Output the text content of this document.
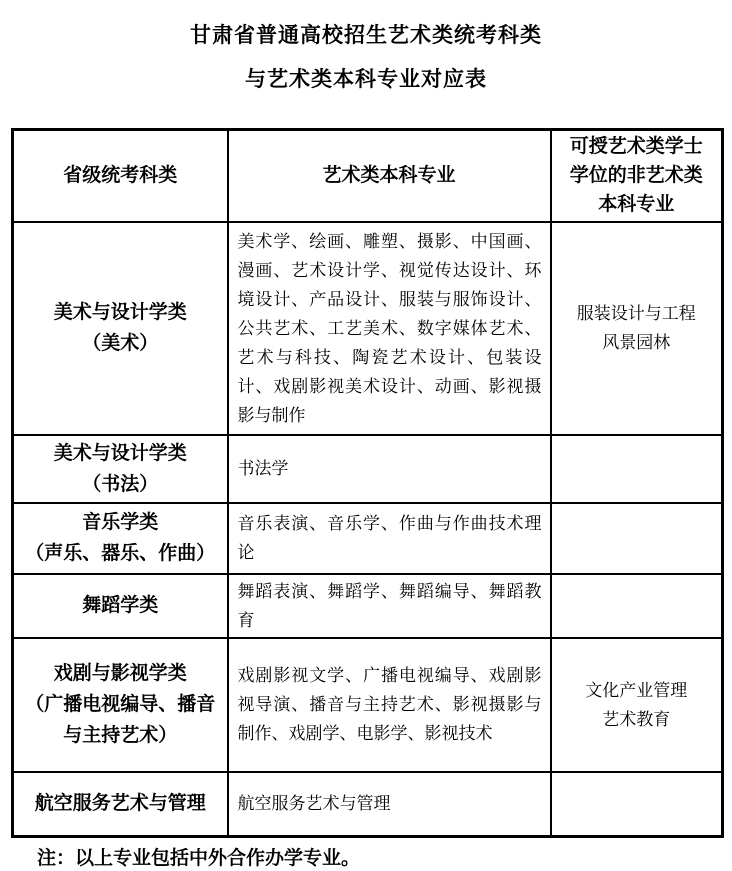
甘肃省普通高校招生艺术类统考科类
与艺术类本科专业对应表
省级统考科类	艺术类本科专业	可授艺术类学士
学位的非艺术类
本科专业
美术与设计学类
（美术）	美术学、绘画、雕塑、摄影、中国画、漫画、艺术设计学、视觉传达设计、环境设计、产品设计、服装与服饰设计、公共艺术、工艺美术、数字媒体艺术、艺术与科技、陶瓷艺术设计、包装设计、戏剧影视美术设计、动画、影视摄影与制作	服装设计与工程
风景园林
美术与设计学类
（书法）	书法学	
音乐学类
（声乐、器乐、作曲）	音乐表演、音乐学、作曲与作曲技术理论	
舞蹈学类	舞蹈表演、舞蹈学、舞蹈编导、舞蹈教育	
戏剧与影视学类
（广播电视编导、播音
与主持艺术）	戏剧影视文学、广播电视编导、戏剧影视导演、播音与主持艺术、影视摄影与制作、戏剧学、电影学、影视技术	文化产业管理
艺术教育
航空服务艺术与管理	航空服务艺术与管理	

注：以上专业包括中外合作办学专业。
